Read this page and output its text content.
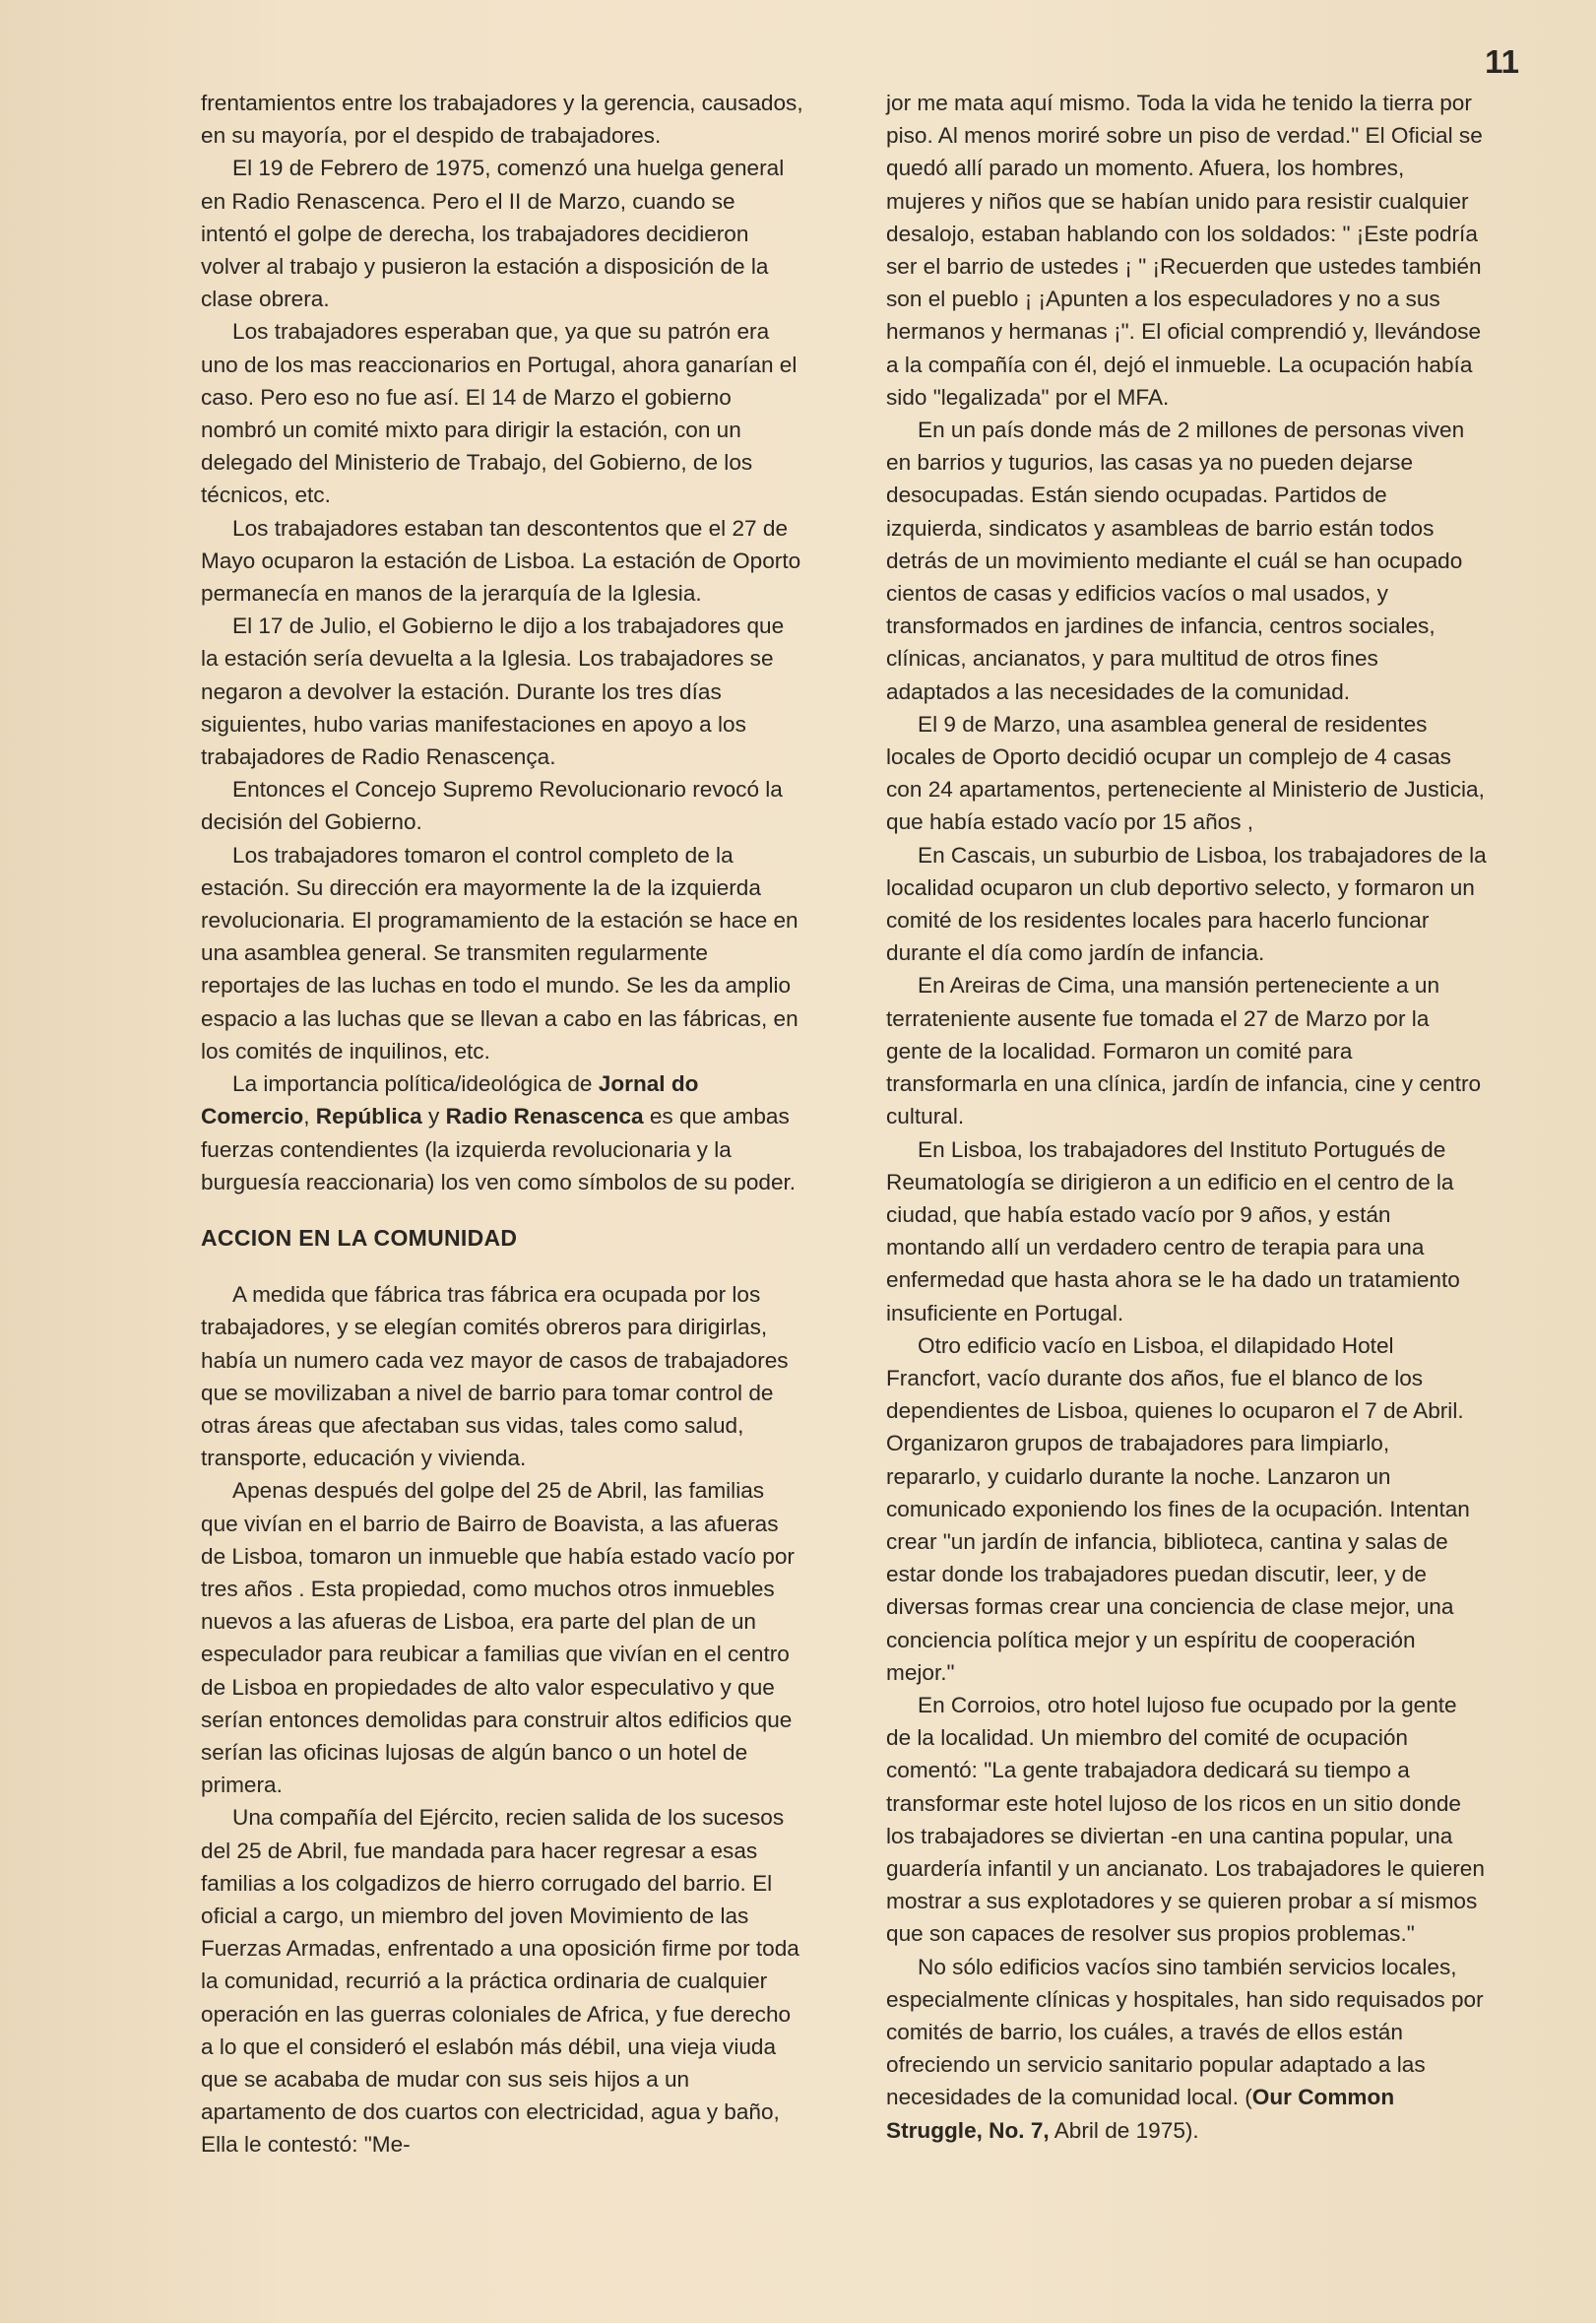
11

frentamientos entre los trabajadores y la gerencia, causados, en su mayoría, por el despido de trabajadores.

El 19 de Febrero de 1975, comenzó una huelga general en Radio Renascenca. Pero el II de Marzo, cuando se intentó el golpe de derecha, los trabajadores decidieron volver al trabajo y pusieron la estación a disposición de la clase obrera.

Los trabajadores esperaban que, ya que su patrón era uno de los mas reaccionarios en Portugal, ahora ganarían el caso. Pero eso no fue así. El 14 de Marzo el gobierno nombró un comité mixto para dirigir la estación, con un delegado del Ministerio de Trabajo, del Gobierno, de los técnicos, etc.

Los trabajadores estaban tan descontentos que el 27 de Mayo ocuparon la estación de Lisboa. La estación de Oporto permanecía en manos de la jerarquía de la Iglesia.

El 17 de Julio, el Gobierno le dijo a los trabajadores que la estación sería devuelta a la Iglesia. Los trabajadores se negaron a devolver la estación. Durante los tres días siguientes, hubo varias manifestaciones en apoyo a los trabajadores de Radio Renascença.

Entonces el Concejo Supremo Revolucionario revocó la decisión del Gobierno.

Los trabajadores tomaron el control completo de la estación. Su dirección era mayormente la de la izquierda revolucionaria. El programamiento de la estación se hace en una asamblea general. Se transmiten regularmente reportajes de las luchas en todo el mundo. Se les da amplio espacio a las luchas que se llevan a cabo en las fábricas, en los comités de inquilinos, etc.

La importancia política/ideológica de Jornal do Comercio, República y Radio Renascenca es que ambas fuerzas contendientes (la izquierda revolucionaria y la burguesía reaccionaria) los ven como símbolos de su poder.

ACCION EN LA COMUNIDAD

A medida que fábrica tras fábrica era ocupada por los trabajadores, y se elegían comités obreros para dirigirlas, había un numero cada vez mayor de casos de trabajadores que se movilizaban a nivel de barrio para tomar control de otras áreas que afectaban sus vidas, tales como salud, transporte, educación y vivienda.

Apenas después del golpe del 25 de Abril, las familias que vivían en el barrio de Bairro de Boavista, a las afueras de Lisboa, tomaron un inmueble que había estado vacío por tres años . Esta propiedad, como muchos otros inmuebles nuevos a las afueras de Lisboa, era parte del plan de un especulador para reubicar a familias que vivían en el centro de Lisboa en propiedades de alto valor especulativo y que serían entonces demolidas para construir altos edificios que serían las oficinas lujosas de algún banco o un hotel de primera.

Una compañía del Ejército, recien salida de los sucesos del 25 de Abril, fue mandada para hacer regresar a esas familias a los colgadizos de hierro corrugado del barrio. El oficial a cargo, un miembro del joven Movimiento de las Fuerzas Armadas, enfrentado a una oposición firme por toda la comunidad, recurrió a la práctica ordinaria de cualquier operación en las guerras coloniales de Africa, y fue derecho a lo que el consideró el eslabón más débil, una vieja viuda que se acababa de mudar con sus seis hijos a un apartamento de dos cuartos con electricidad, agua y baño, Ella le contestó: "Me-

jor me mata aquí mismo. Toda la vida he tenido la tierra por piso. Al menos moriré sobre un piso de verdad." El Oficial se quedó allí parado un momento. Afuera, los hombres, mujeres y niños que se habían unido para resistir cualquier desalojo, estaban hablando con los soldados: " ¡Este podría ser el barrio de ustedes ¡ " ¡Recuerden que ustedes también son el pueblo ¡ ¡Apunten a los especuladores y no a sus hermanos y hermanas ¡". El oficial comprendió y, llevándose a la compañía con él, dejó el inmueble. La ocupación había sido "legalizada" por el MFA.

En un país donde más de 2 millones de personas viven en barrios y tugurios, las casas ya no pueden dejarse desocupadas. Están siendo ocupadas. Partidos de izquierda, sindicatos y asambleas de barrio están todos detrás de un movimiento mediante el cuál se han ocupado cientos de casas y edificios vacíos o mal usados, y transformados en jardines de infancia, centros sociales, clínicas, ancianatos, y para multitud de otros fines adaptados a las necesidades de la comunidad.

El 9 de Marzo, una asamblea general de residentes locales de Oporto decidió ocupar un complejo de 4 casas con 24 apartamentos, perteneciente al Ministerio de Justicia, que había estado vacío por 15 años ,

En Cascais, un suburbio de Lisboa, los trabajadores de la localidad ocuparon un club deportivo selecto, y formaron un comité de los residentes locales para hacerlo funcionar durante el día como jardín de infancia.

En Areiras de Cima, una mansión perteneciente a un terrateniente ausente fue tomada el 27 de Marzo por la gente de la localidad. Formaron un comité para transformarla en una clínica, jardín de infancia, cine y centro cultural.

En Lisboa, los trabajadores del Instituto Portugués de Reumatología se dirigieron a un edificio en el centro de la ciudad, que había estado vacío por 9 años, y están montando allí un verdadero centro de terapia para una enfermedad que hasta ahora se le ha dado un tratamiento insuficiente en Portugal.

Otro edificio vacío en Lisboa, el dilapidado Hotel Francfort, vacío durante dos años, fue el blanco de los dependientes de Lisboa, quienes lo ocuparon el 7 de Abril. Organizaron grupos de trabajadores para limpiarlo, repararlo, y cuidarlo durante la noche. Lanzaron un comunicado exponiendo los fines de la ocupación. Intentan crear "un jardín de infancia, biblioteca, cantina y salas de estar donde los trabajadores puedan discutir, leer, y de diversas formas crear una conciencia de clase mejor, una conciencia política mejor y un espíritu de cooperación mejor."

En Corroios, otro hotel lujoso fue ocupado por la gente de la localidad. Un miembro del comité de ocupación comentó: "La gente trabajadora dedicará su tiempo a transformar este hotel lujoso de los ricos en un sitio donde los trabajadores se diviertan -en una cantina popular, una guardería infantil y un ancianato. Los trabajadores le quieren mostrar a sus explotadores y se quieren probar a sí mismos que son capaces de resolver sus propios problemas."

No sólo edificios vacíos sino también servicios locales, especialmente clínicas y hospitales, han sido requisados por comités de barrio, los cuáles, a través de ellos están ofreciendo un servicio sanitario popular adaptado a las necesidades de la comunidad local. (Our Common Struggle, No. 7, Abril de 1975).
